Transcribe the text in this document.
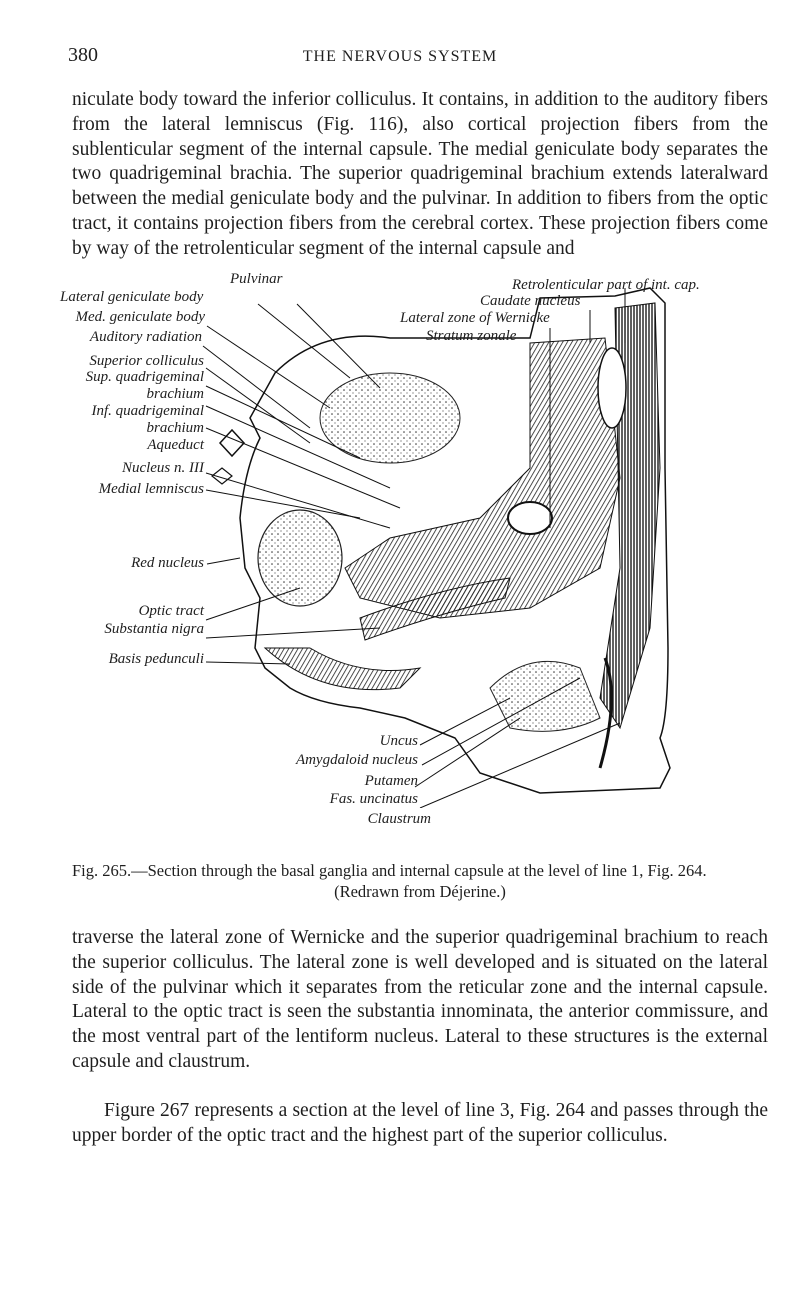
380	THE NERVOUS SYSTEM

niculate body toward the inferior colliculus. It contains, in addition to the auditory fibers from the lateral lemniscus (Fig. 116), also cortical projection fibers from the sublenticular segment of the internal capsule. The medial geniculate body separates the two quadrigeminal brachia. The superior quadrigeminal brachium extends lateralward between the medial geniculate body and the pulvinar. In addition to fibers from the optic tract, it contains projection fibers from the cerebral cortex. These projection fibers come by way of the retrolenticular segment of the internal capsule and

Pulvinar
Lateral geniculate body
Med. geniculate body
Auditory radiation
Superior colliculus
Sup. quadrigeminal
brachium
Inf. quadrigeminal
brachium
Aqueduct
Nucleus n. III
Medial lemniscus
Red nucleus
Optic tract
Substantia nigra
Basis pedunculi
Retrolenticular part of int. cap.
Caudate nucleus
Lateral zone of Wernicke
Stratum zonale
Uncus
Amygdaloid nucleus
Putamen
Fas. uncinatus
Claustrum
Fig. 265.—Section through the basal ganglia and internal capsule at the level of line 1, Fig. 264.
(Redrawn from Déjerine.)

traverse the lateral zone of Wernicke and the superior quadrigeminal brachium to reach the superior colliculus. The lateral zone is well developed and is situated on the lateral side of the pulvinar which it separates from the reticular zone and the internal capsule. Lateral to the optic tract is seen the substantia innominata, the anterior commissure, and the most ventral part of the lentiform nucleus. Lateral to these structures is the external capsule and claustrum.

Figure 267 represents a section at the level of line 3, Fig. 264 and passes through the upper border of the optic tract and the highest part of the superior colliculus.
